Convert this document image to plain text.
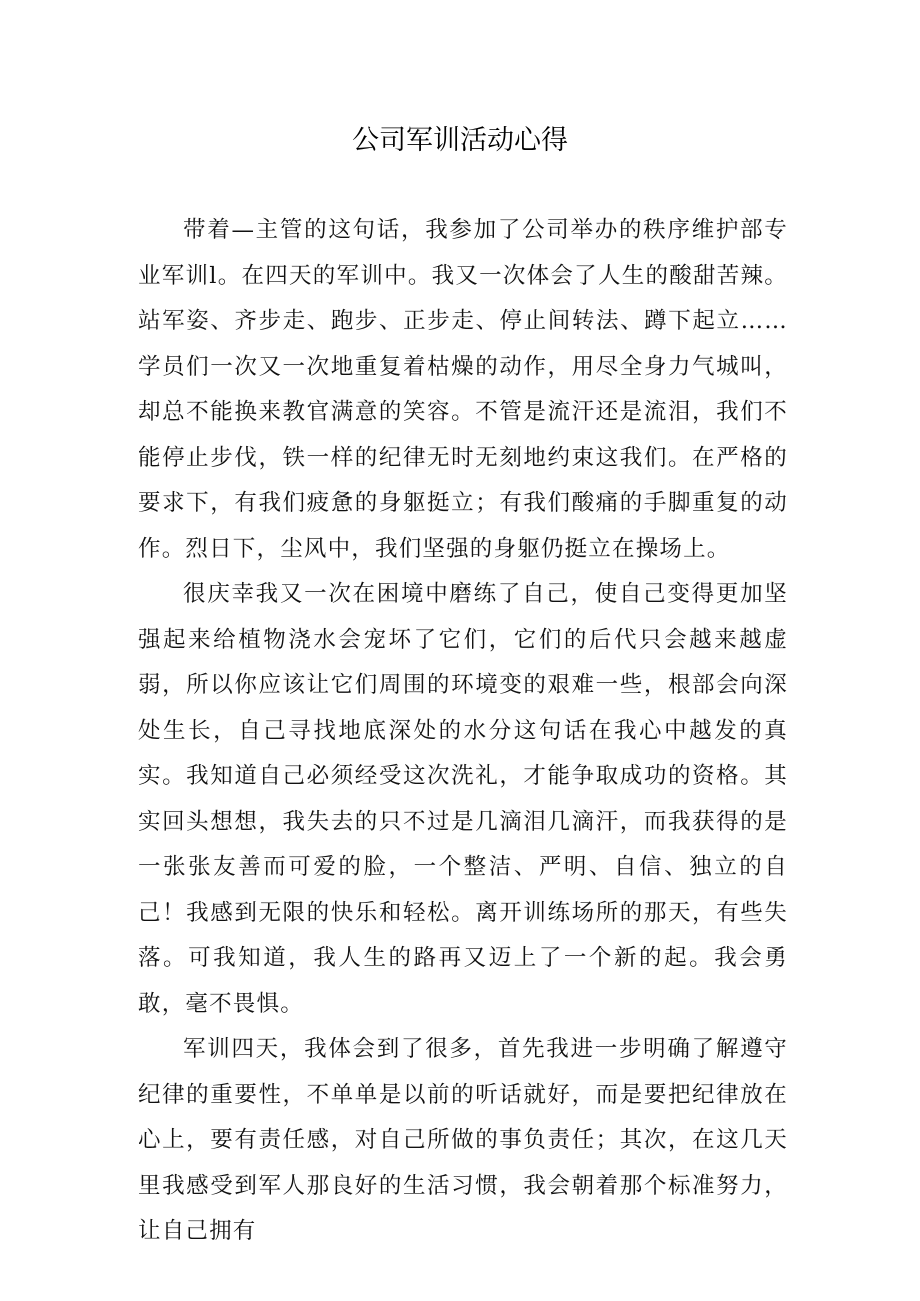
公司军训活动心得

带着—主管的这句话，我参加了公司举办的秩序维护部专业军训l。在四天的军训中。我又一次体会了人生的酸甜苦辣。站军姿、齐步走、跑步、正步走、停止间转法、蹲下起立……学员们一次又一次地重复着枯燥的动作，用尽全身力气城叫，却总不能换来教官满意的笑容。不管是流汗还是流泪，我们不能停止步伐，铁一样的纪律无时无刻地约束这我们。在严格的要求下，有我们疲惫的身躯挺立；有我们酸痛的手脚重复的动作。烈日下，尘风中，我们坚强的身躯仍挺立在操场上。

很庆幸我又一次在困境中磨练了自己，使自己变得更加坚强起来给植物浇水会宠坏了它们，它们的后代只会越来越虚弱，所以你应该让它们周围的环境变的艰难一些，根部会向深处生长，自己寻找地底深处的水分这句话在我心中越发的真实。我知道自己必须经受这次洗礼，才能争取成功的资格。其实回头想想，我失去的只不过是几滴泪几滴汗，而我获得的是一张张友善而可爱的脸，一个整洁、严明、自信、独立的自己！我感到无限的快乐和轻松。离开训练场所的那天，有些失落。可我知道，我人生的路再又迈上了一个新的起。我会勇敢，毫不畏惧。

军训四天，我体会到了很多，首先我进一步明确了解遵守纪律的重要性，不单单是以前的听话就好，而是要把纪律放在心上，要有责任感，对自己所做的事负责任；其次，在这几天里我感受到军人那良好的生活习惯，我会朝着那个标准努力，让自己拥有
